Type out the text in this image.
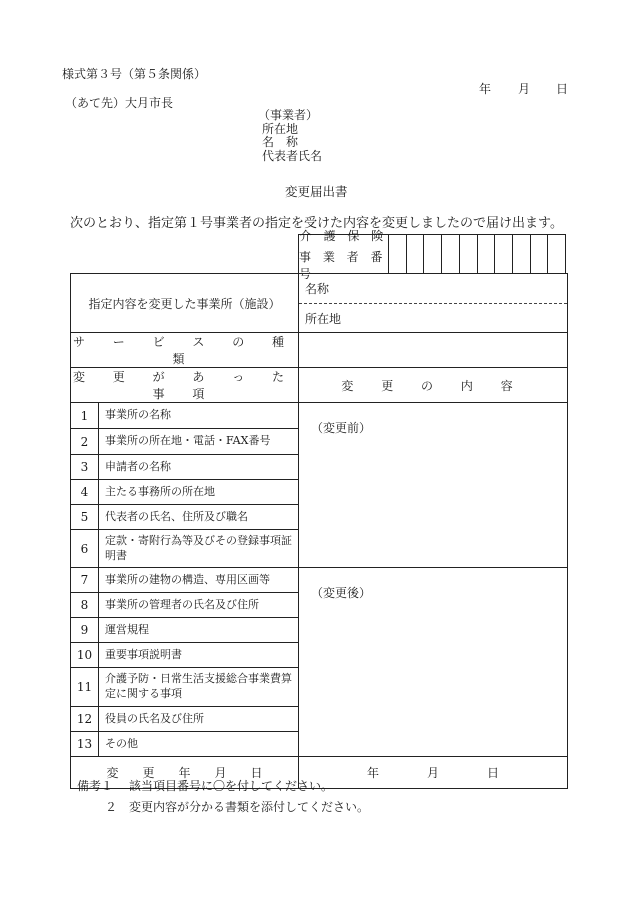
様式第３号（第５条関係）
年 月 日
（あて先）大月市長
（事業者）
所在地
名　称
代表者氏名
変更届出書
次のとおり、指定第１号事業者の指定を受けた内容を変更しましたので届け出ます。
介 護 保 険
事 業 者 番 号
指定内容を変更した事業所（施設）		名称
		所在地
サ ー ビ ス の 種 類		
変 更 が あ っ た 事 項		変 更 の 内 容
1	事業所の名称	（変更前）
2	事業所の所在地・電話・FAX番号	
3	申請者の名称	
4	主たる事務所の所在地	
5	代表者の氏名、住所及び職名	
6	定款・寄附行為等及びその登録事項証明書	
7	事業所の建物の構造、専用区画等	（変更後）
8	事業所の管理者の氏名及び住所	
9	運営規程	
10	重要事項説明書	
11	介護予防・日常生活支援総合事業費算定に関する事項	
12	役員の氏名及び住所	
13	その他	
変　　更　　年　　月　　日		年　　　　月　　　　日
備考１ 該当項目番号に〇を付してください。
２ 変更内容が分かる書類を添付してください。
